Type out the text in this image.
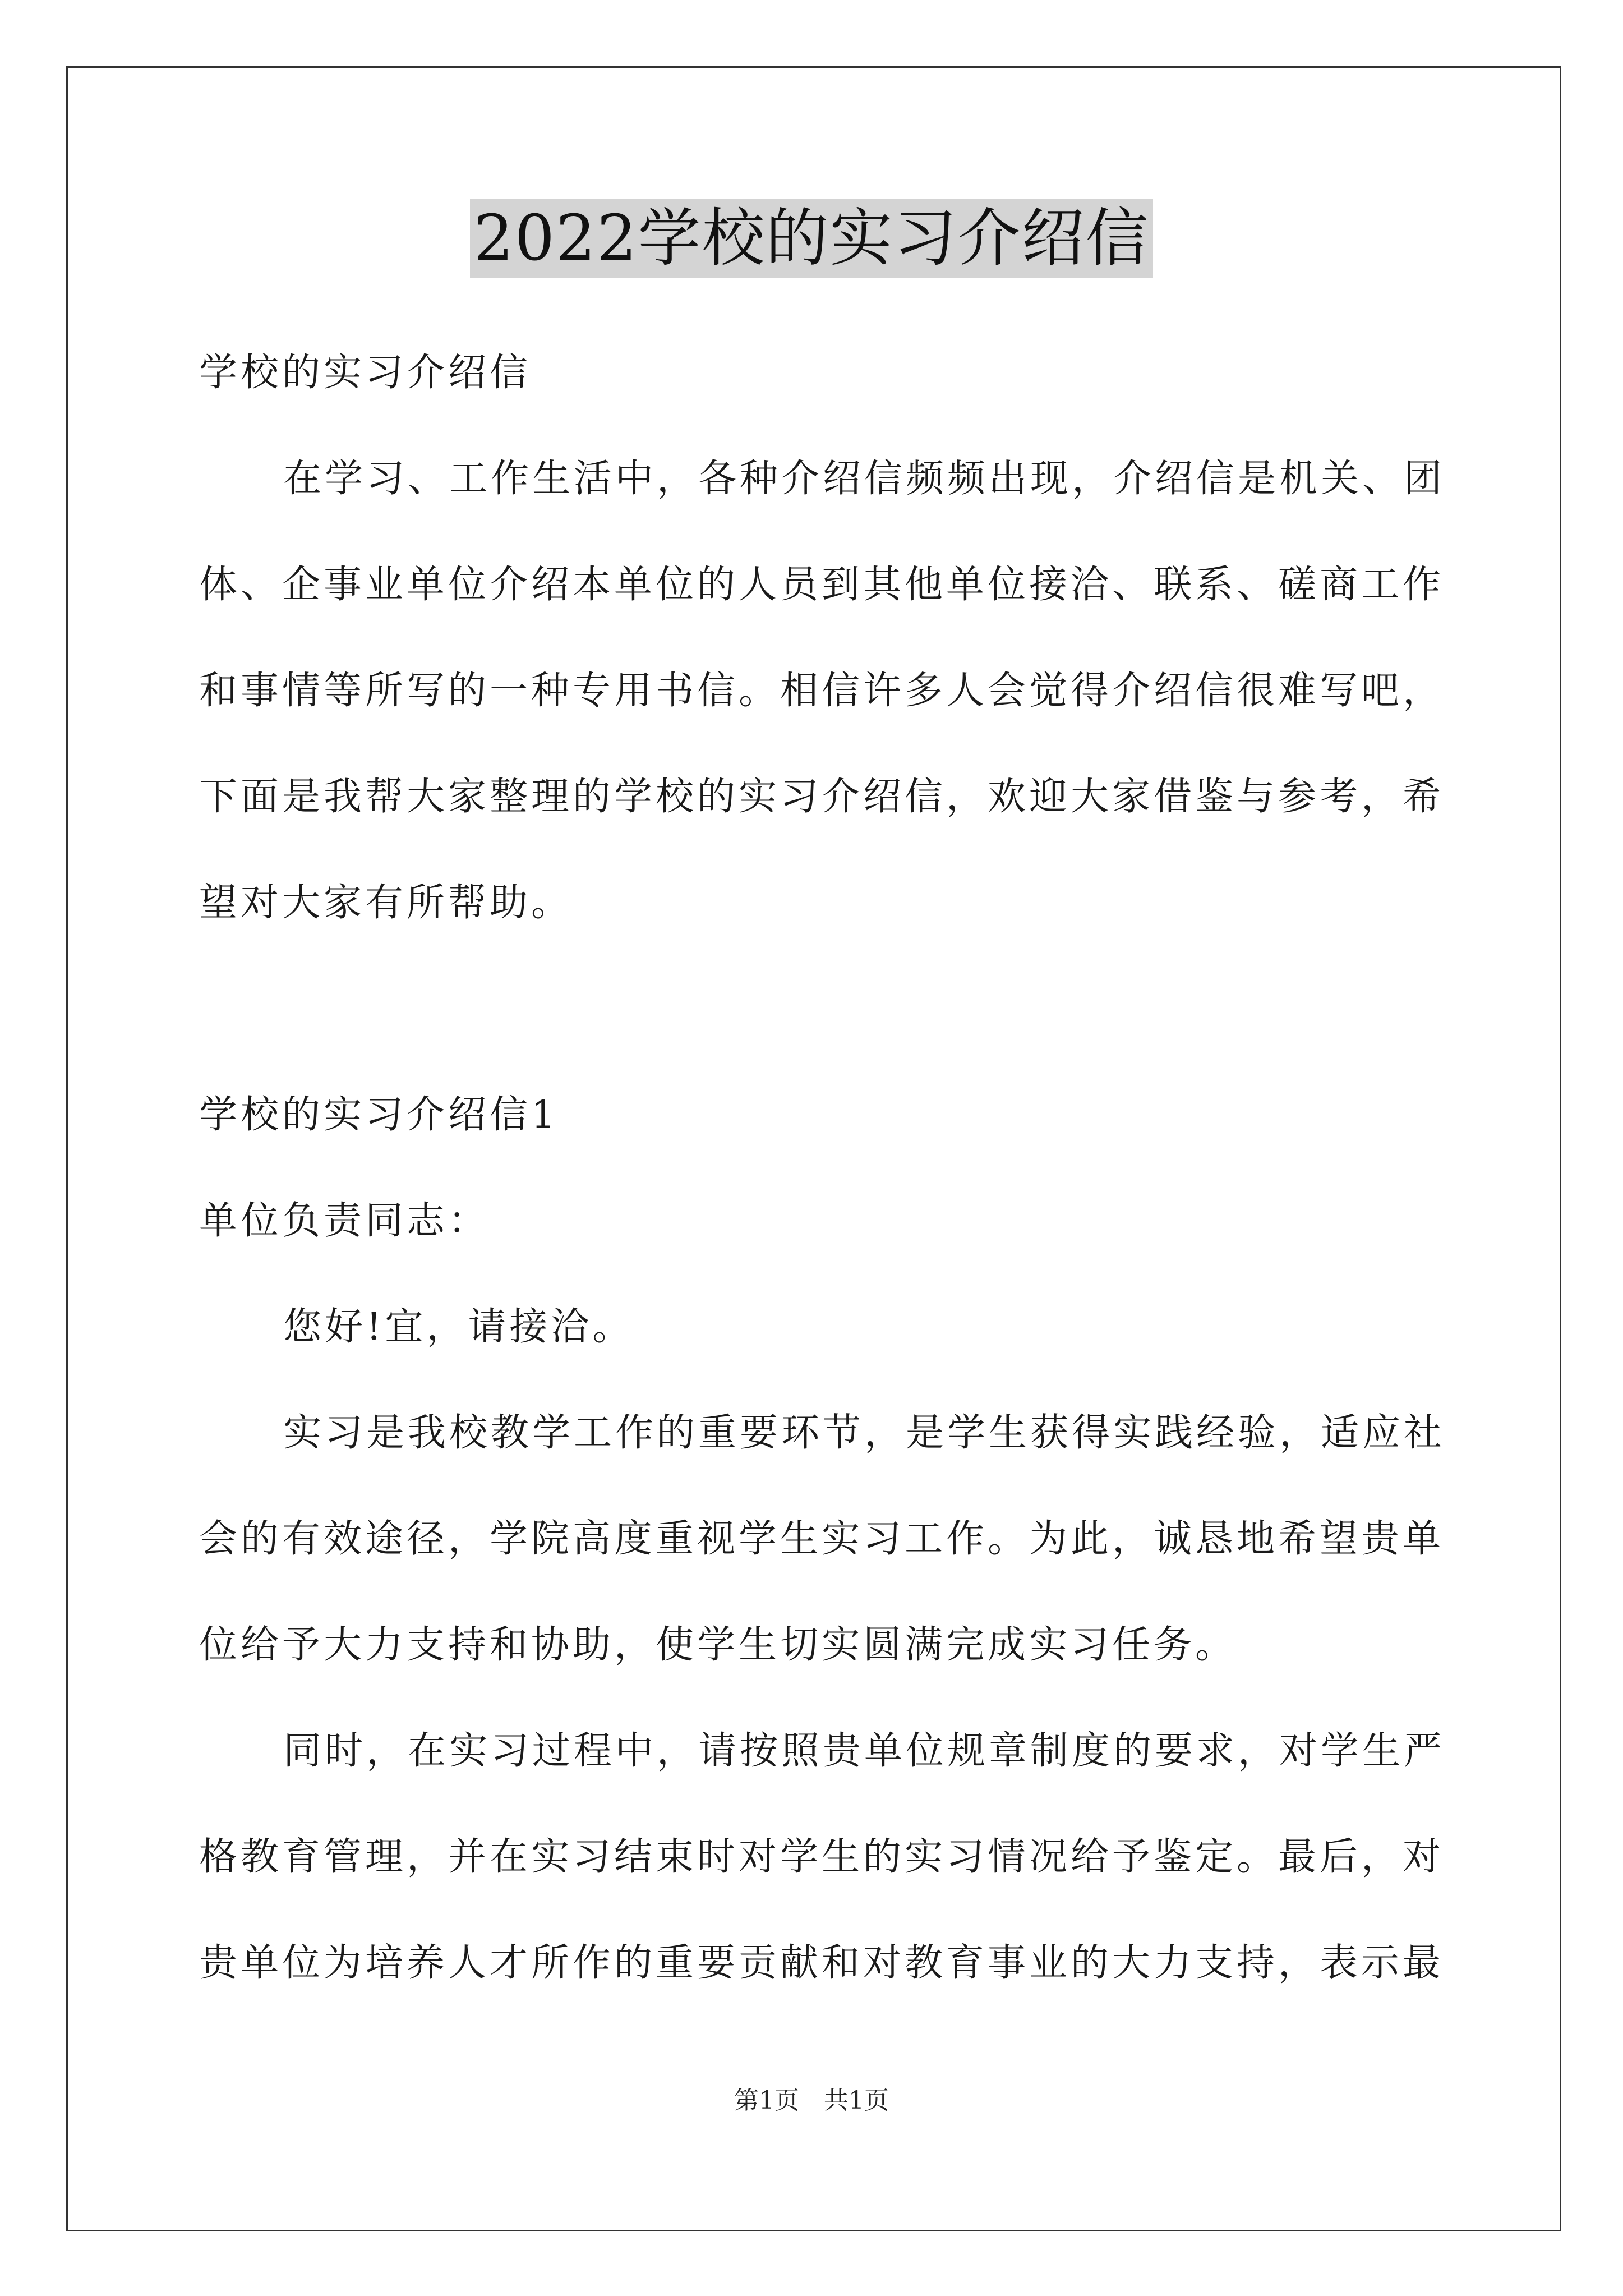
2022学校的实习介绍信
学校的实习介绍信
在学习、工作生活中，各种介绍信频频出现，介绍信是机关、团
体、企事业单位介绍本单位的人员到其他单位接洽、联系、磋商工作
和事情等所写的一种专用书信。相信许多人会觉得介绍信很难写吧，
下面是我帮大家整理的学校的实习介绍信，欢迎大家借鉴与参考，希
望对大家有所帮助。
学校的实习介绍信1
单位负责同志：
您好!宜，请接洽。
实习是我校教学工作的重要环节，是学生获得实践经验，适应社
会的有效途径，学院高度重视学生实习工作。为此，诚恳地希望贵单
位给予大力支持和协助，使学生切实圆满完成实习任务。
同时，在实习过程中，请按照贵单位规章制度的要求，对学生严
格教育管理，并在实习结束时对学生的实习情况给予鉴定。最后，对
贵单位为培养人才所作的重要贡献和对教育事业的大力支持，表示最
第1页　共1页
